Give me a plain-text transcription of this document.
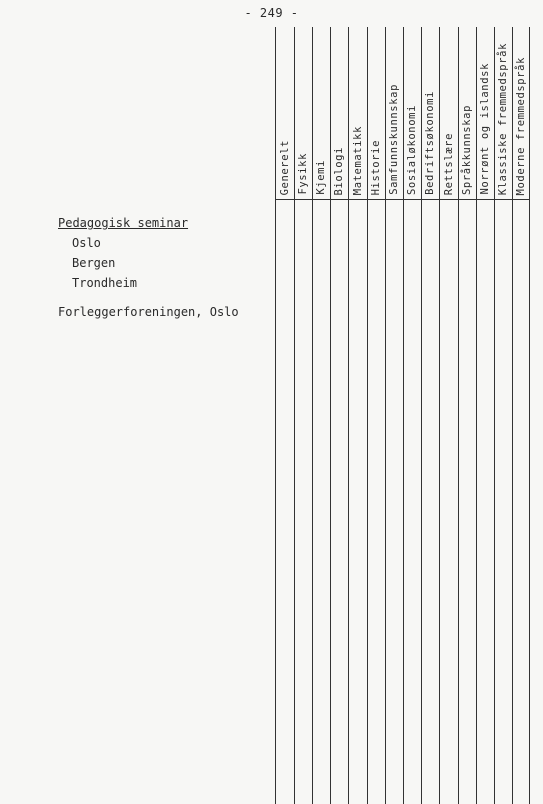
- 249 -
Generelt Fysikk Kjemi Biologi Matematikk Historie Samfunnskunnskap Sosialøkonomi Bedriftsøkonomi Rettslære Språkkunnskap Norrønt og islandsk Klassiske fremmedspråk Moderne fremmedspråk
Pedagogisk seminar
Oslo
Bergen
Trondheim
Forleggerforeningen, Oslo
